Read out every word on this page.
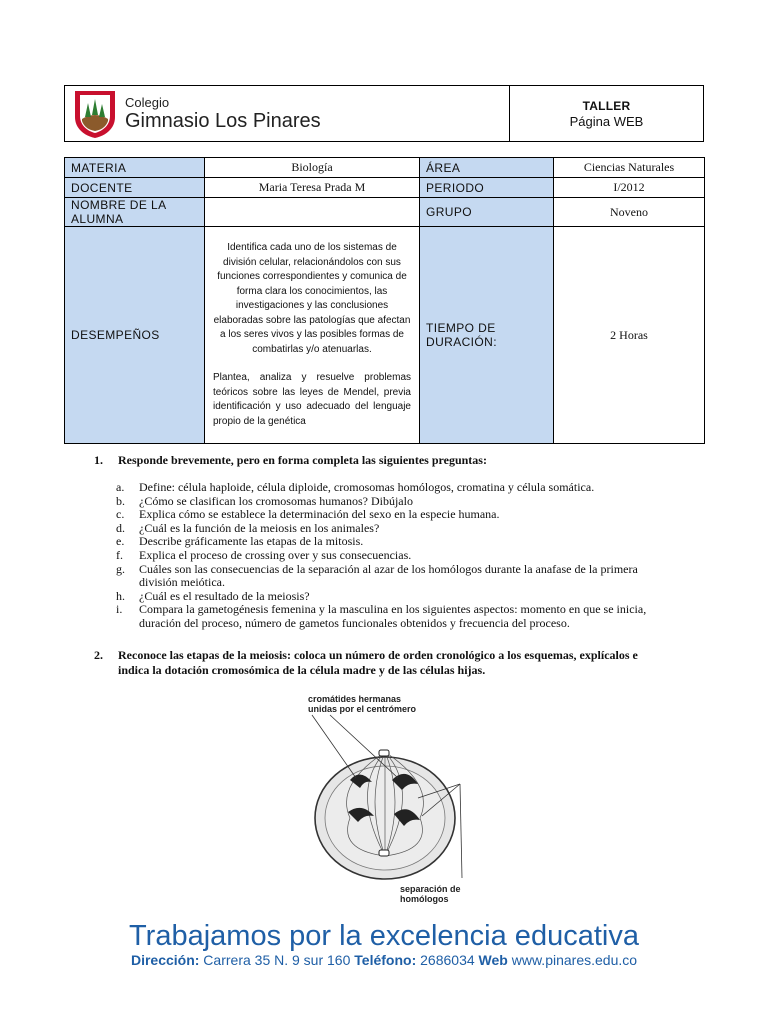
Colegio
Gimnasio Los Pinares
TALLER
Página WEB
MATERIA	Biología	ÁREA	Ciencias Naturales
DOCENTE	Maria Teresa Prada M	PERIODO	I/2012
NOMBRE DE LA ALUMNA		GRUPO	Noveno
DESEMPEÑOS	Identifica cada uno de los sistemas de división celular, relacionándolos con sus funciones correspondientes y comunica de forma clara los conocimientos, las investigaciones y las conclusiones elaboradas sobre las patologías que afectan a los seres vivos y las posibles formas de combatirlas y/o atenuarlas.

Plantea, analiza y resuelve problemas teóricos sobre las leyes de Mendel, previa identificación y uso adecuado del lenguaje propio de la genética	TIEMPO DE DURACIÓN:	2 Horas
1. Responde brevemente, pero en forma completa las siguientes preguntas:
a. Define: célula haploide, célula diploide, cromosomas homólogos, cromatina y célula somática.
b. ¿Cómo se clasifican los cromosomas humanos? Dibújalo
c. Explica cómo se establece la determinación del sexo en la especie humana.
d. ¿Cuál es la función de la meiosis en los animales?
e. Describe gráficamente las etapas de la mitosis.
f. Explica el proceso de crossing over y sus consecuencias.
g. Cuáles son las consecuencias de la separación al azar de los homólogos durante la anafase de la primera división meiótica.
h. ¿Cuál es el resultado de la meiosis?
i. Compara la gametogénesis femenina y la masculina en los siguientes aspectos: momento en que se inicia, duración del proceso, número de gametos funcionales obtenidos y frecuencia del proceso.
2. Reconoce las etapas de la meiosis: coloca un número de orden cronológico a los esquemas, explícalos e
indica la dotación cromosómica de la célula madre y de las células hijas.
cromátides hermanas
unidas por el centrómero
separación de
homólogos
Trabajamos por la excelencia educativa
Dirección: Carrera 35 N. 9 sur 160 Teléfono: 2686034 Web www.pinares.edu.co
